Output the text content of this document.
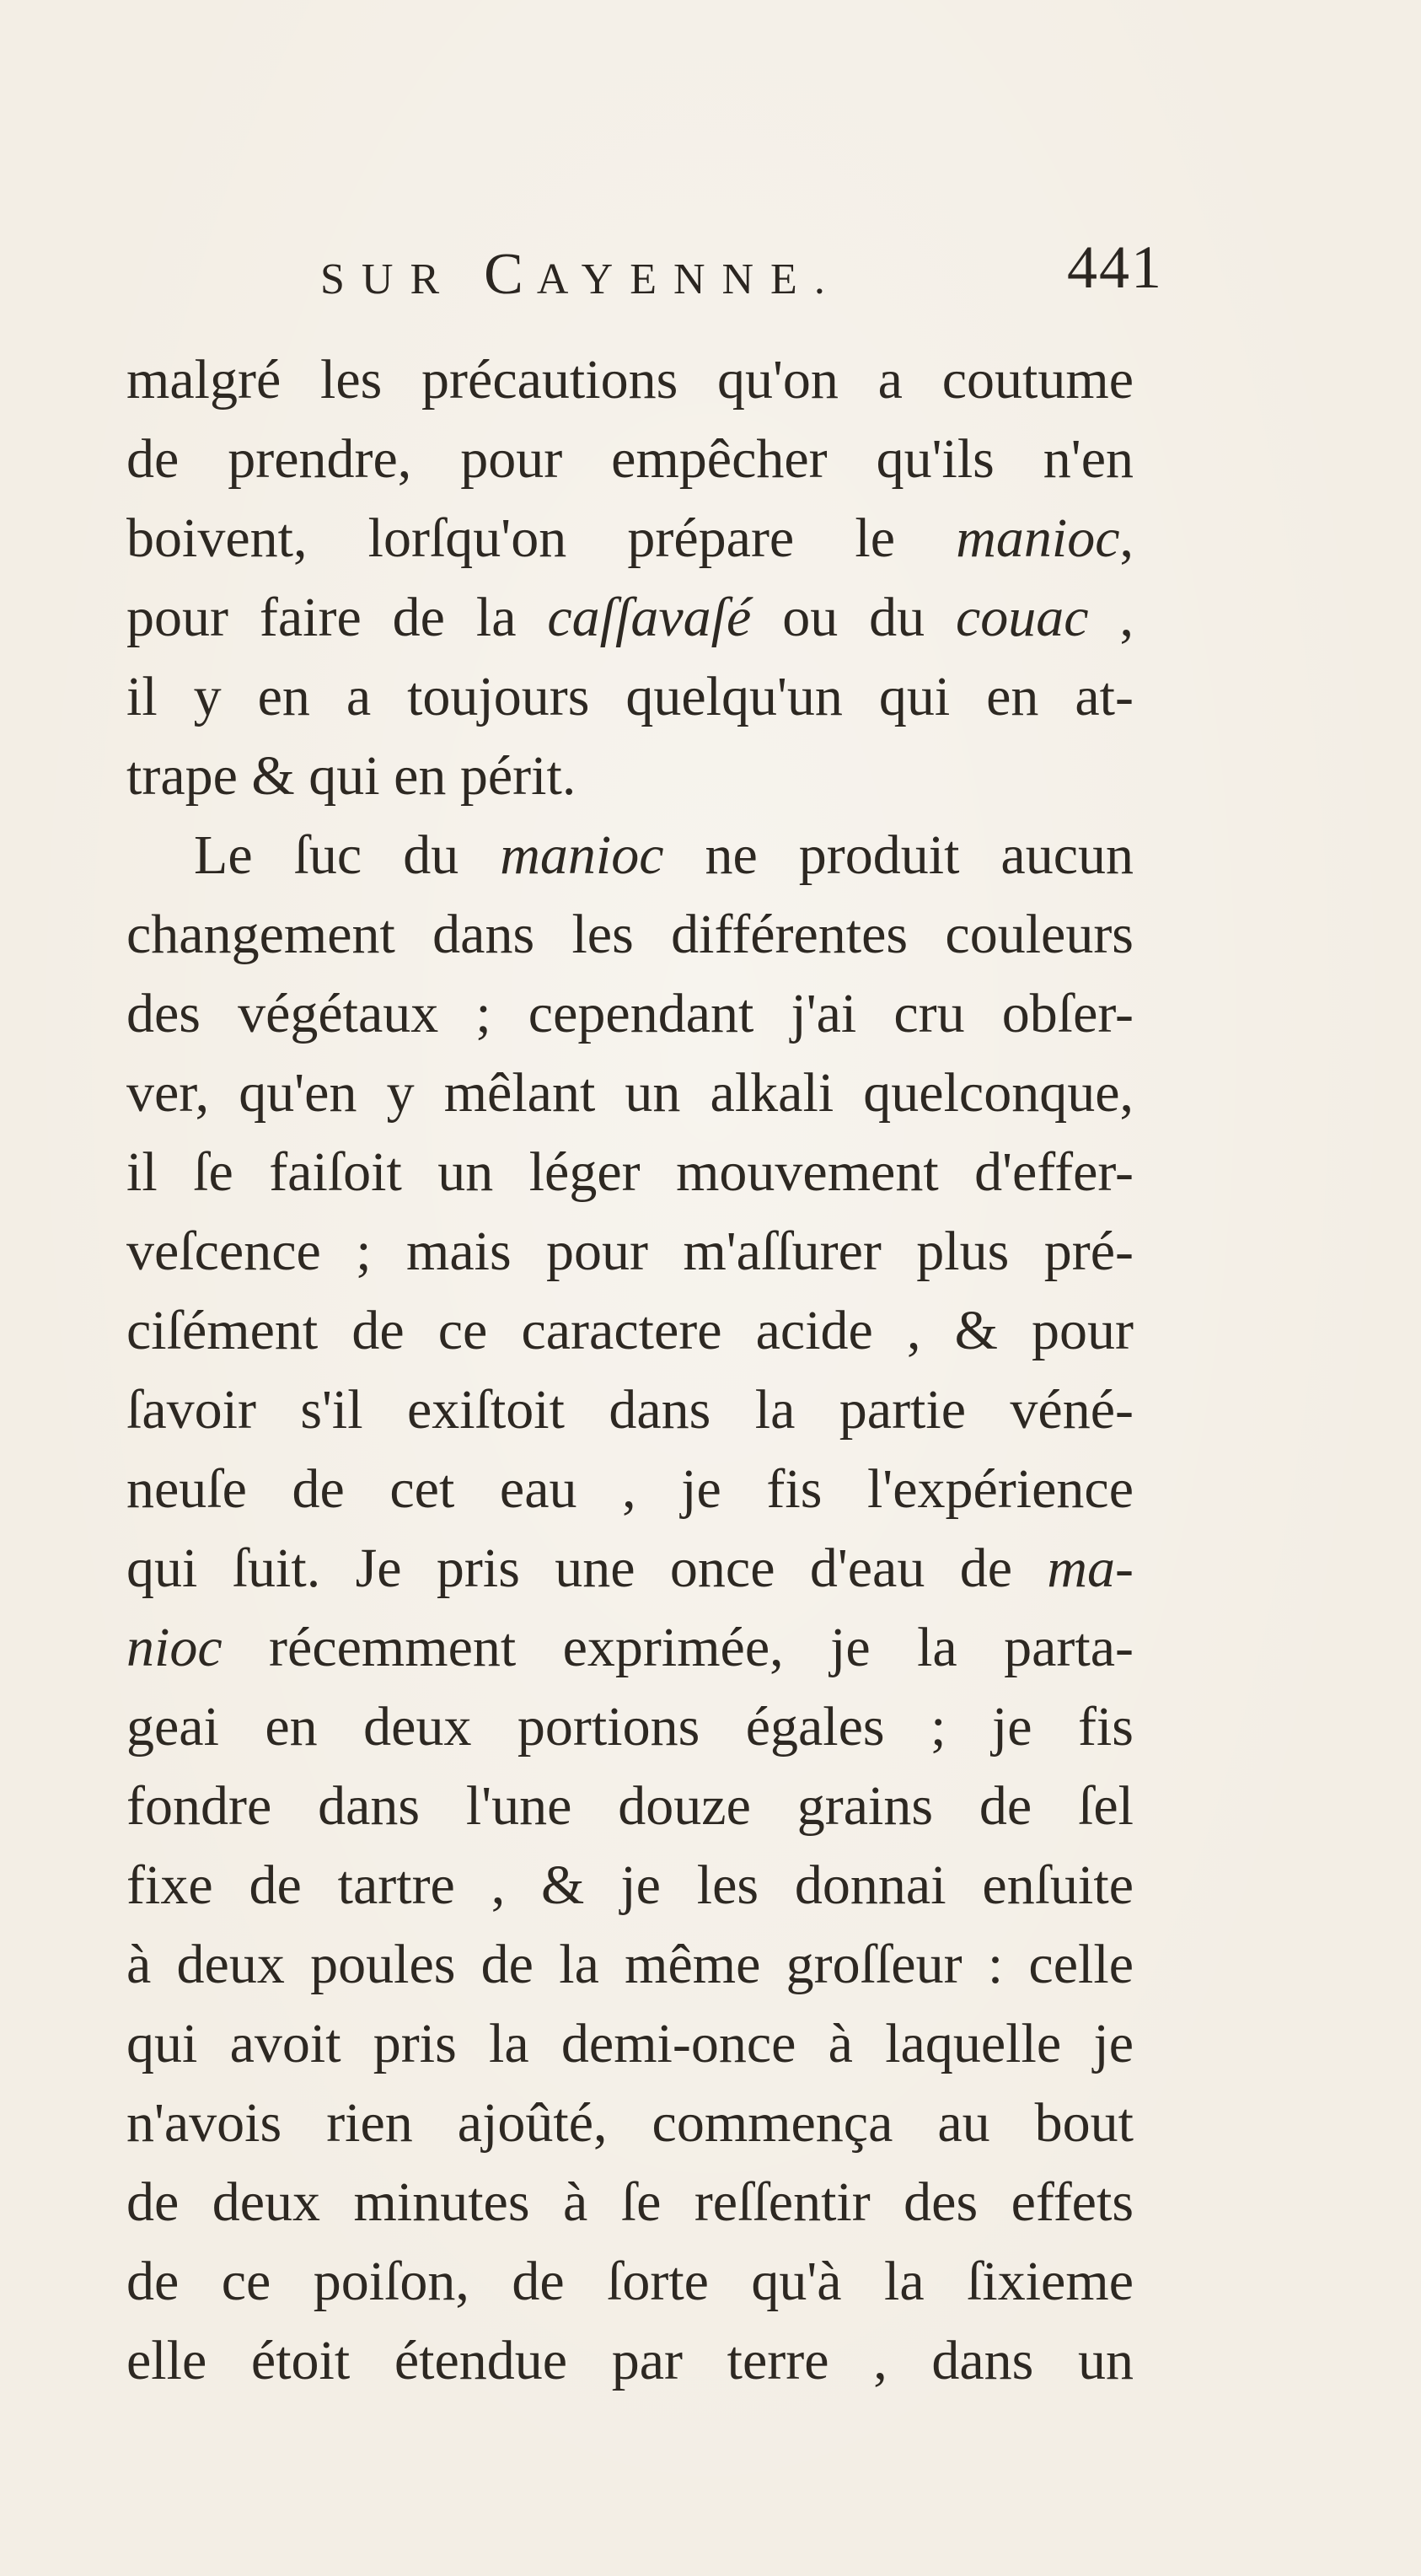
SUR CAYENNE.	441
malgré les précautions qu'on a coutume
de prendre, pour empêcher qu'ils n'en
boivent, lorſqu'on prépare le manioc,
pour faire de la caſſavaſé ou du couac ,
il y en a toujours quelqu'un qui en at-
trape & qui en périt.
Le ſuc du manioc ne produit aucun
changement dans les différentes couleurs
des végétaux ; cependant j'ai cru obſer-
ver, qu'en y mêlant un alkali quelconque,
il ſe faiſoit un léger mouvement d'effer-
veſcence ; mais pour m'aſſurer plus pré-
ciſément de ce caractere acide , & pour
ſavoir s'il exiſtoit dans la partie véné-
neuſe de cet eau , je fis l'expérience
qui ſuit. Je pris une once d'eau de ma-
nioc récemment exprimée, je la parta-
geai en deux portions égales ; je fis
fondre dans l'une douze grains de ſel
fixe de tartre , & je les donnai enſuite
à deux poules de la même groſſeur : celle
qui avoit pris la demi-once à laquelle je
n'avois rien ajoûté, commença au bout
de deux minutes à ſe reſſentir des effets
de ce poiſon, de ſorte qu'à la ſixieme
elle étoit étendue par terre , dans un
